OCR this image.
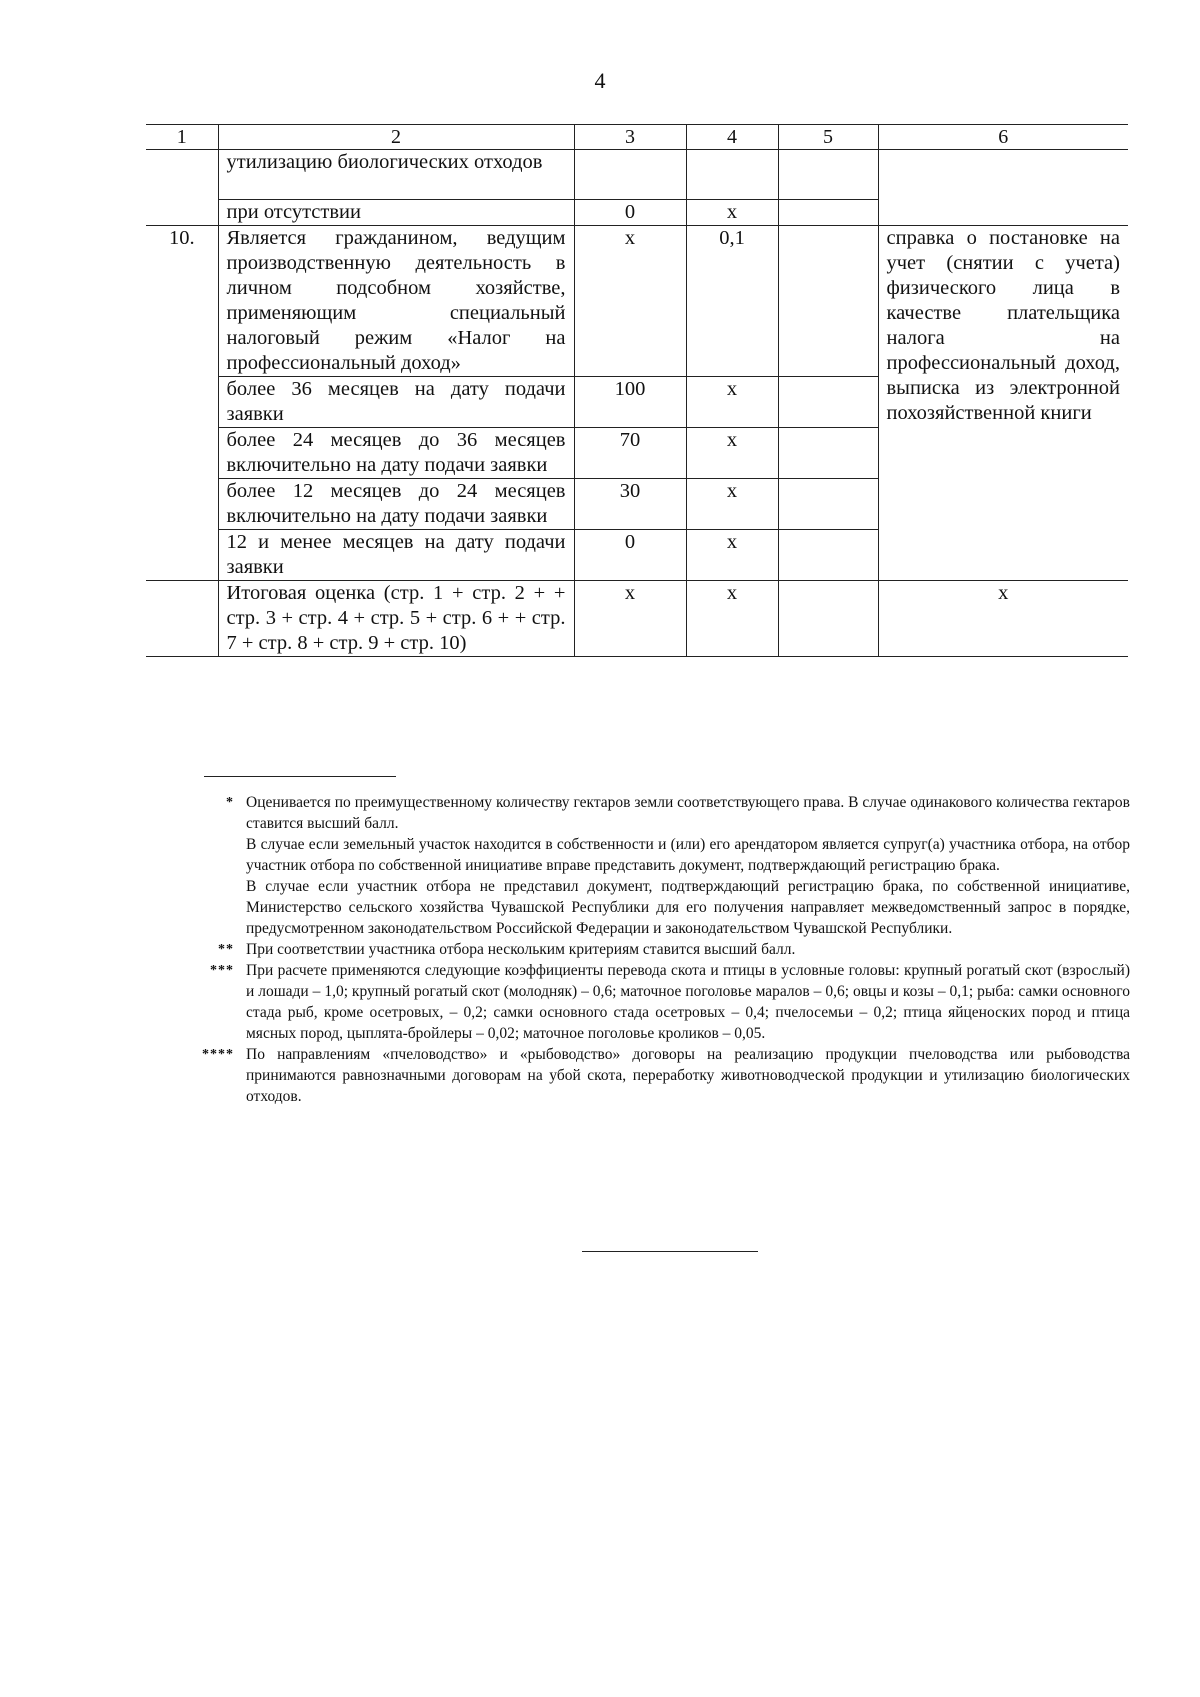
4
1	2	3	4	5	6
	утилизацию биологических отходов				
	при отсутствии	0	х		
10.	Является гражданином, ведущим производственную деятельность в личном подсобном хозяйстве, применяющим специальный налоговый режим «Налог на профессиональный доход»	х	0,1		справка о постановке на учет (снятии с учета) физического лица в качестве плательщика налога на профессиональный доход, выписка из электронной похозяйственной книги
	более 36 месяцев на дату подачи заявки	100	х		
	более 24 месяцев до 36 месяцев включительно на дату подачи заявки	70	х		
	более 12 месяцев до 24 месяцев включительно на дату подачи заявки	30	х		
	12 и менее месяцев на дату подачи заявки	0	х		
	Итоговая оценка (стр. 1 + стр. 2 + + стр. 3 + стр. 4 + стр. 5 + стр. 6 + + стр. 7 + стр. 8 + стр. 9 + стр. 10)	х	х		х
* Оценивается по преимущественному количеству гектаров земли соответствующего права. В случае одинакового количества гектаров ставится высший балл.

В случае если земельный участок находится в собственности и (или) его арендатором является супруг(а) участника отбора, на отбор участник отбора по собственной инициативе вправе представить документ, подтверждающий регистрацию брака.

В случае если участник отбора не представил документ, подтверждающий регистрацию брака, по собственной инициативе, Министерство сельского хозяйства Чувашской Республики для его получения направляет межведомственный запрос в порядке, предусмотренном законодательством Российской Федерации и законодательством Чувашской Республики.

** При соответствии участника отбора нескольким критериям ставится высший балл.
*** При расчете применяются следующие коэффициенты перевода скота и птицы в условные головы: крупный рогатый скот (взрослый) и лошади – 1,0; крупный рогатый скот (молодняк) – 0,6; маточное поголовье маралов – 0,6; овцы и козы – 0,1; рыба: самки основного стада рыб, кроме осетровых, – 0,2; самки основного стада осетровых – 0,4; пчелосемьи – 0,2; птица яйценоских пород и птица мясных пород, цыплята-бройлеры – 0,02; маточное поголовье кроликов – 0,05.
**** По направлениям «пчеловодство» и «рыбоводство» договоры на реализацию продукции пчеловодства или рыбоводства принимаются равнозначными договорам на убой скота, переработку животноводческой продукции и утилизацию биологических отходов.
